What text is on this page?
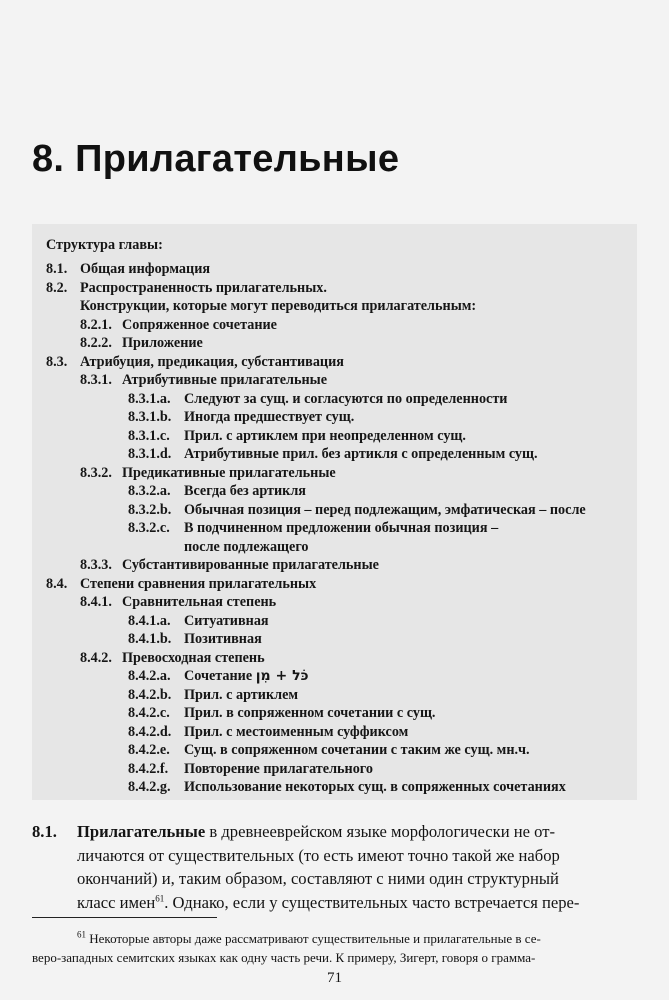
8. Прилагательные
Структура главы:
8.1. Общая информация
8.2. Распространенность прилагательных.
Конструкции, которые могут переводиться прилагательным:
8.2.1. Сопряженное сочетание
8.2.2. Приложение
8.3. Атрибуция, предикация, субстантивация
8.3.1. Атрибутивные прилагательные
8.3.1.a. Следуют за сущ. и согласуются по определенности
8.3.1.b. Иногда предшествует сущ.
8.3.1.c. Прил. с артиклем при неопределенном сущ.
8.3.1.d. Атрибутивные прил. без артикля с определенным сущ.
8.3.2. Предикативные прилагательные
8.3.2.a. Всегда без артикля
8.3.2.b. Обычная позиция – перед подлежащим, эмфатическая – после
8.3.2.c. В подчиненном предложении обычная позиция –
после подлежащего
8.3.3. Субстантивированные прилагательные
8.4. Степени сравнения прилагательных
8.4.1. Сравнительная степень
8.4.1.a. Ситуативная
8.4.1.b. Позитивная
8.4.2. Превосходная степень
8.4.2.a. Сочетание כֹּל + מִן
8.4.2.b. Прил. с артиклем
8.4.2.c. Прил. в сопряженном сочетании с сущ.
8.4.2.d. Прил. с местоименным суффиксом
8.4.2.e. Сущ. в сопряженном сочетании с таким же сущ. мн.ч.
8.4.2.f. Повторение прилагательного
8.4.2.g. Использование некоторых сущ. в сопряженных сочетаниях
8.1. Прилагательные в древнееврейском языке морфологически не от-
личаются от существительных (то есть имеют точно такой же набор
окончаний) и, таким образом, составляют с ними один структурный
класс имен$^{61}$. Однако, если у существительных часто встречается пере-
$^{61}$ Некоторые авторы даже рассматривают существительные и прилагательные в се-
веро-западных семитских языках как одну часть речи. К примеру, Зигерт, говоря о грамма-
71
